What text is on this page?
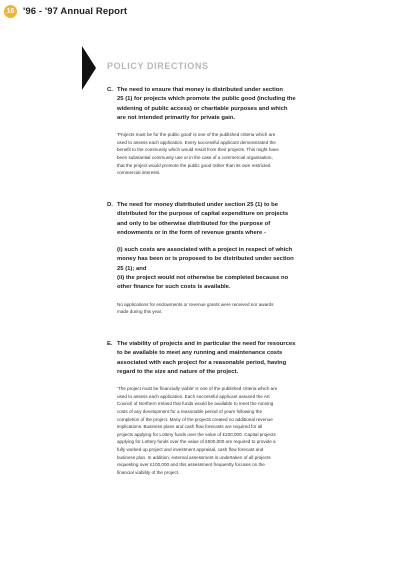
16 '96 - '97 Annual Report
POLICY DIRECTIONS
C. The need to ensure that money is distributed under section
25 (1) for projects which promote the public good (including the
widening of public access) or charitable purposes and which
are not intended primarily for private gain.
'Projects must be for the public good' is one of the published criteria which are
used to assess each application. Every successful applicant demonstrated the
benefit to the community which would result from their projects. This might have
been substantial community use or in the case of a commercial organisation,
that the project would promote the public good rather than its own restricted
commercial interests.
D. The need for money distributed under section 25 (1) to be
distributed for the purpose of capital expenditure on projects
and only to be otherwise distributed for the purpose of
endowments or in the form of revenue grants where -
(i) such costs are associated with a project in respect of which
money has been or is proposed to be distributed under section
25 (1); and
(ii) the project would not otherwise be completed because no
other finance for such costs is available.
No applications for endowments or revenue grants were received nor awards
made during this year.
E. The viability of projects and in particular the need for resources
to be available to meet any running and maintenance costs
associated with each project for a reasonable period, having
regard to the size and nature of the project.
'The project must be financially viable' is one of the published criteria which are
used to assess each application. Each successful applicant assured the Art
Council of Northern Ireland that funds would be available to meet the running
costs of any development for a reasonable period of years following the
completion of the project. Many of the projects created no additional revenue
implications. Business plans and cash flow forecasts are required for all
projects applying for Lottery funds over the value of £100,000. Capital projects
applying for Lottery funds over the value of £500,000 are required to provide a
fully worked up project and investment appraisal, cash flow forecast and
business plan. In addition, external assessment is undertaken of all projects
requesting over £100,000 and this assessment frequently focuses on the
financial viability of the project.
